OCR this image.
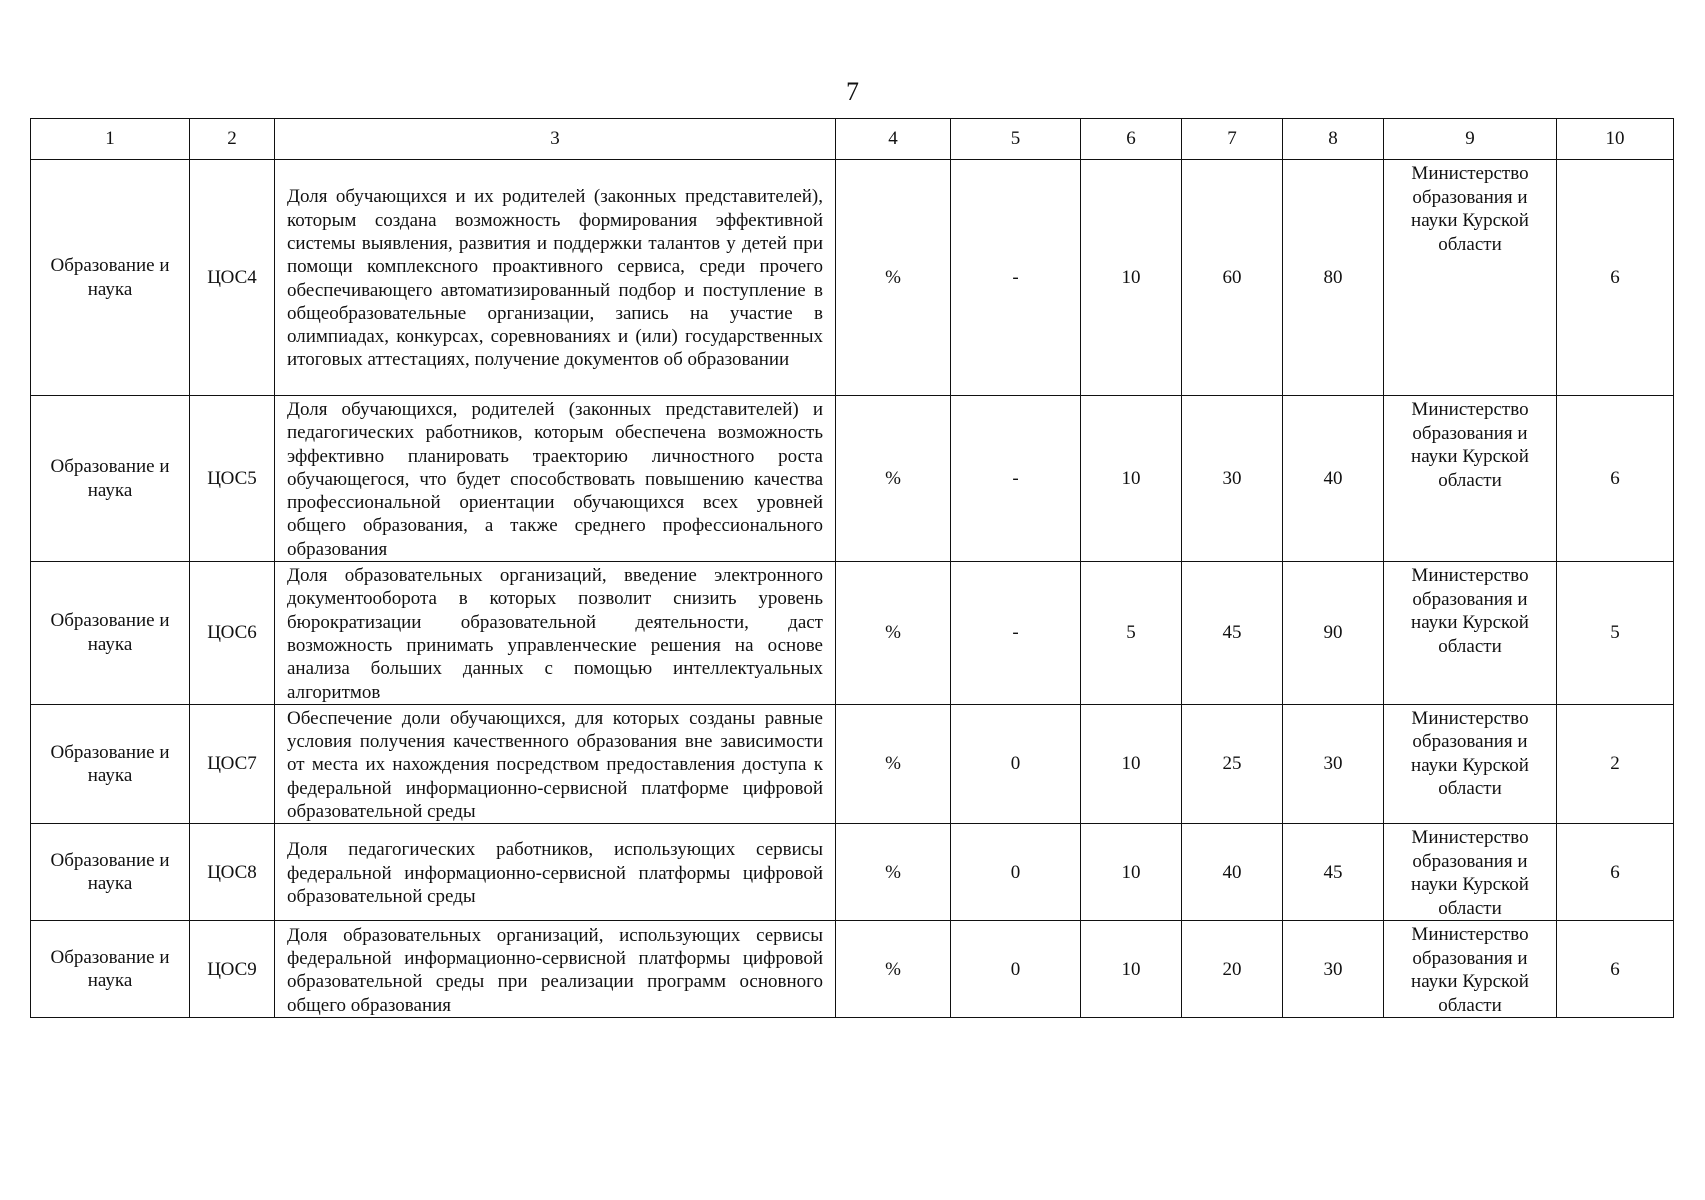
7
1	2	3	4	5	6	7	8	9	10
Образование и наука	ЦОС4	Доля обучающихся и их родителей (законных представителей), которым создана возможность формирования эффективной системы выявления, развития и поддержки талантов у детей при помощи комплексного проактивного сервиса, среди прочего обеспечивающего автоматизированный подбор и поступление в общеобразовательные организации, запись на участие в олимпиадах, конкурсах, соревнованиях и (или) государственных итоговых аттестациях, получение документов об образовании	%	-	10	60	80	Министерство образования и науки Курской области	6
Образование и наука	ЦОС5	Доля обучающихся, родителей (законных представителей) и педагогических работников, которым обеспечена возможность эффективно планировать траекторию личностного роста обучающегося, что будет способствовать повышению качества профессиональной ориентации обучающихся всех уровней общего образования, а также среднего профессионального образования	%	-	10	30	40	Министерство образования и науки Курской области	6
Образование и наука	ЦОС6	Доля образовательных организаций, введение электронного документооборота в которых позволит снизить уровень бюрократизации образовательной деятельности, даст возможность принимать управленческие решения на основе анализа больших данных с помощью интеллектуальных алгоритмов	%	-	5	45	90	Министерство образования и науки Курской области	5
Образование и наука	ЦОС7	Обеспечение доли обучающихся, для которых созданы равные условия получения качественного образования вне зависимости от места их нахождения посредством предоставления доступа к федеральной информационно-сервисной платформе цифровой образовательной среды	%	0	10	25	30	Министерство образования и науки Курской области	2
Образование и наука	ЦОС8	Доля педагогических работников, использующих сервисы федеральной информационно-сервисной платформы цифровой образовательной среды	%	0	10	40	45	Министерство образования и науки Курской области	6
Образование и наука	ЦОС9	Доля образовательных организаций, использующих сервисы федеральной информационно-сервисной платформы цифровой образовательной среды при реализации программ основного общего образования	%	0	10	20	30	Министерство образования и науки Курской области	6
